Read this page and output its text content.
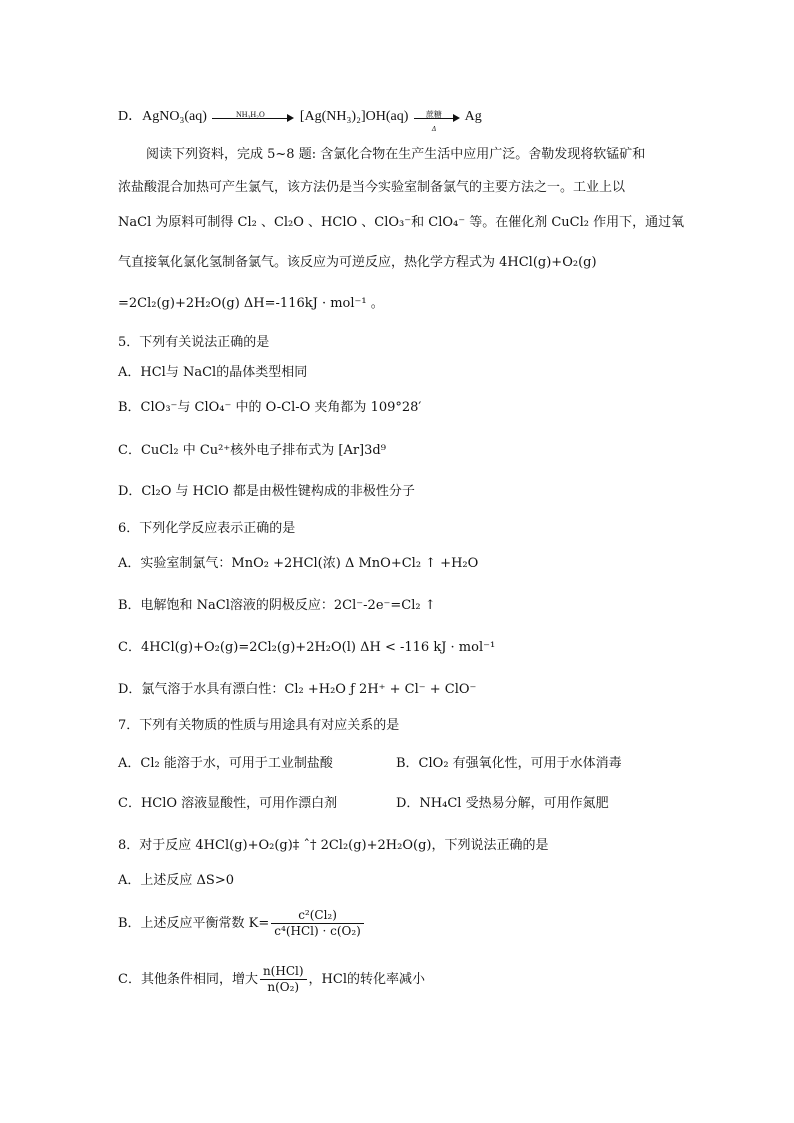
D．AgNO₃(aq)	NH₃H₂O	[Ag(NH₃)₂]OH(aq)	蔗糖
Δ
Ag
阅读下列资料，完成 5~8 题: 含氯化合物在生产生活中应用广泛。舍勒发现将软锰矿和
浓盐酸混合加热可产生氯气，该方法仍是当今实验室制备氯气的主要方法之一。工业上以
NaCl 为原料可制得 Cl₂ 、Cl₂O 、HClO 、ClO₃⁻和 ClO₄⁻ 等。在催化剂 CuCl₂ 作用下，通过氧
气直接氧化氯化氢制备氯气。该反应为可逆反应，热化学方程式为 4HCl(g)+O₂(g)
=2Cl₂(g)+2H₂O(g) ΔH=-116kJ · mol⁻¹ 。
5．下列有关说法正确的是
A．HCl与 NaCl的晶体类型相同
B．ClO₃⁻与 ClO₄⁻ 中的 O-Cl-O 夹角都为 109°28′
C．CuCl₂ 中 Cu²⁺核外电子排布式为 [Ar]3d⁹
D．Cl₂O 与 HClO 都是由极性键构成的非极性分子
6．下列化学反应表示正确的是
A．实验室制氯气：MnO₂ +2HCl(浓) Δ MnO+Cl₂ ↑ +H₂O
B．电解饱和 NaCl溶液的阴极反应：2Cl⁻-2e⁻=Cl₂ ↑
C．4HCl(g)+O₂(g)=2Cl₂(g)+2H₂O(l) ΔH < -116 kJ · mol⁻¹
D．氯气溶于水具有漂白性：Cl₂ +H₂O ƒ 2H⁺ + Cl⁻ + ClO⁻
7．下列有关物质的性质与用途具有对应关系的是
A．Cl₂ 能溶于水，可用于工业制盐酸	B．ClO₂ 有强氧化性，可用于水体消毒
C．HClO 溶液显酸性，可用作漂白剂	D．NH₄Cl 受热易分解，可用作氮肥
8．对于反应 4HCl(g)+O₂(g)‡ ˆ† 2Cl₂(g)+2H₂O(g)，下列说法正确的是
A．上述反应 ΔS>0
B．上述反应平衡常数 $K= \frac{\text{c²(Cl₂)}}{\text{c⁴(HCl) · c(O₂)}}$
C．其他条件相同，增大 $\frac{\text{n(HCl)}}{\text{n(O₂)}}$ ，HCl的转化率减小
